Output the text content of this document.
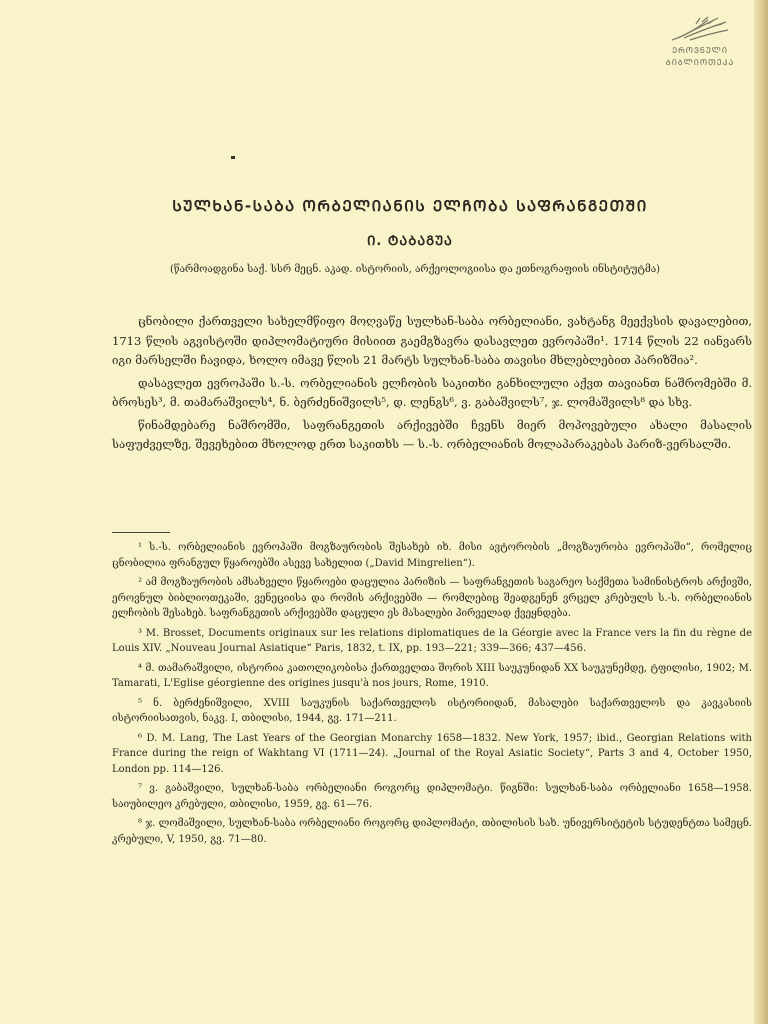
ᲔᲠᲝᲕᲜᲣᲚᲘ
ᲑᲘᲑᲚᲘᲝᲗᲔᲙᲐ
ᲡᲣᲚᲮᲐᲜ-ᲡᲐᲑᲐ ᲝᲠᲑᲔᲚᲘᲐᲜᲘᲡ ᲔᲚᲩᲝᲑᲐ ᲡᲐᲤᲠᲐᲜᲒᲔᲗᲨᲘ
Ი. ᲢᲐᲑᲐᲒᲣᲐ
(წარმოადგინა საქ. სსრ მეცნ. აკად. ისტორიის, არქეოლოგიისა და ეთნოგრაფიის ინსტიტუტმა)

ცნობილი ქართველი სახელმწიფო მოღვაწე სულხან-საბა ორბელიანი, ვახტანგ მეექვსის დავალებით, 1713 წლის აგვისტოში დიპლომატიური მისიით გაემგზავრა დასავლეთ ევროპაში¹. 1714 წლის 22 იანვარს იგი მარსელში ჩავიდა, ხოლო იმავე წლის 21 მარტს სულხან-საბა თავისი მხლებლებით პარიზშია².

დასავლეთ ევროპაში ს.-ს. ორბელიანის ელჩობის საკითხი განხილული აქვთ თავიანთ ნაშრომებში მ. ბროსეს³, მ. თამარაშვილს⁴, ნ. ბერძენიშვილს⁵, დ. ლენგს⁶, ვ. გაბაშვილს⁷, ჯ. ლომაშვილს⁸ და სხვ.

წინამდებარე ნაშრომში, საფრანგეთის არქივებში ჩვენს მიერ მოპოვებული ახალი მასალის საფუძველზე, შევეხებით მხოლოდ ერთ საკითხს — ს.-ს. ორბელიანის მოლაპარაკებას პარიზ-ვერსალში.

¹ ს.-ს. ორბელიანის ევროპაში მოგზაურობის შესახებ იხ. მისი ავტორობის „მოგზაურობა ევროპაში“, რომელიც ცნობილია ფრანგულ წყაროებში ასევე სახელით („David Mingrelien“).

² ამ მოგზაურობის ამსახველი წყაროები დაცულია პარიზის — საფრანგეთის საგარეო საქმეთა სამინისტროს არქივში, ეროვნულ ბიბლიოთეკაში, ვენეციისა და რომის არქივებში — რომლებიც შეადგენენ ვრცელ კრებულს ს.-ს. ორბელიანის ელჩობის შესახებ. საფრანგეთის არქივებში დაცული ეს მასალები პირველად ქვეყნდება.

³ M. Brosset, Documents originaux sur les relations diplomatiques de la Géorgie avec la France vers la fin du règne de Louis XIV. „Nouveau Journal Asiatique“ Paris, 1832, t. IX, pp. 193—221; 339—366; 437—456.

⁴ მ. თამარაშვილი, ისტორია კათოლიკობისა ქართველთა შორის XIII საუკუნიდან XX საუკუნემდე, ტფილისი, 1902; M. Tamarati, L'Eglise géorgienne des origines jusqu'à nos jours, Rome, 1910.

⁵ ნ. ბერძენიშვილი, XVIII საუკუნის საქართველოს ისტორიიდან, მასალები საქართველოს და კავკასიის ისტორიისათვის, ნაკვ. I, თბილისი, 1944, გვ. 171—211.

⁶ D. M. Lang, The Last Years of the Georgian Monarchy 1658—1832. New York, 1957; ibid., Georgian Relations with France during the reign of Wakhtang VI (1711—24). „Journal of the Royal Asiatic Society“, Parts 3 and 4, October 1950, London pp. 114—126.

⁷ ვ. გაბაშვილი, სულხან-საბა ორბელიანი როგორც დიპლომატი. წიგნში: სულხან-საბა ორბელიანი 1658—1958. საიუბილეო კრებული, თბილისი, 1959, გვ. 61—76.

⁸ ჯ. ლომაშვილი, სულხან-საბა ორბელიანი როგორც დიპლომატი, თბილისის სახ. უნივერსიტეტის სტუდენტთა სამეცნ. კრებული, V, 1950, გვ. 71—80.
